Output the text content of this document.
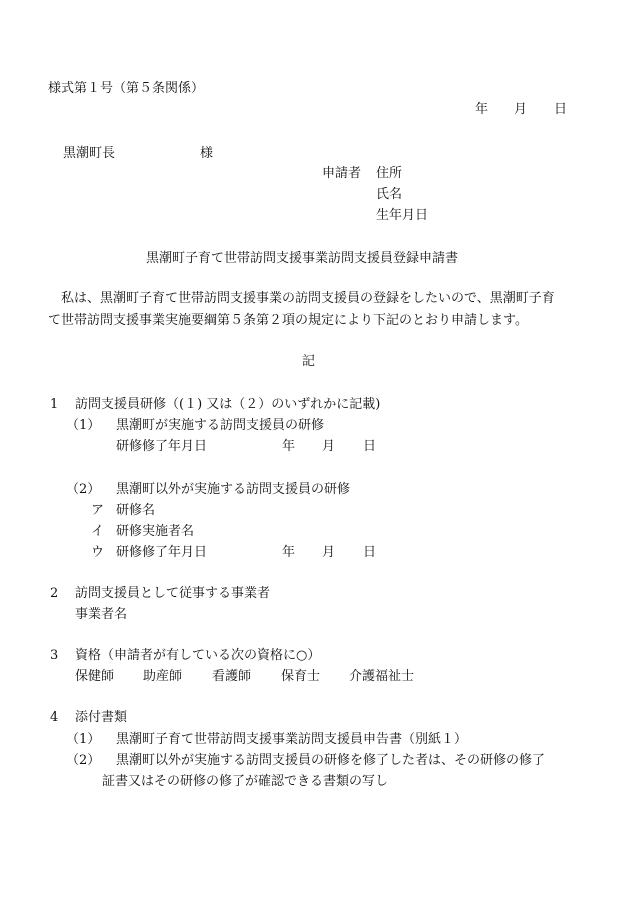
様式第１号（第５条関係）
年 月 日
黒潮町長	様
申請者 住所
氏名
生年月日
黒潮町子育て世帯訪問支援事業訪問支援員登録申請書
私は、黒潮町子育て世帯訪問支援事業の訪問支援員の登録をしたいので、黒潮町子育
て世帯訪問支援事業実施要綱第５条第２項の規定により下記のとおり申請します。
記
1 訪問支援員研修（(１) 又は（２）のいずれかに記載)
（1） 黒潮町が実施する訪問支援員の研修
研修修了年月日	年 月 日
（2） 黒潮町以外が実施する訪問支援員の研修
ア 研修名
イ 研修実施者名
ウ 研修修了年月日	年 月 日
2 訪問支援員として従事する事業者
事業者名
3 資格（申請者が有している次の資格に○）
保健師 助産師 看護師 保育士 介護福祉士
4 添付書類
（1） 黒潮町子育て世帯訪問支援事業訪問支援員申告書（別紙１）
（2） 黒潮町以外が実施する訪問支援員の研修を修了した者は、その研修の修了
証書又はその研修の修了が確認できる書類の写し
